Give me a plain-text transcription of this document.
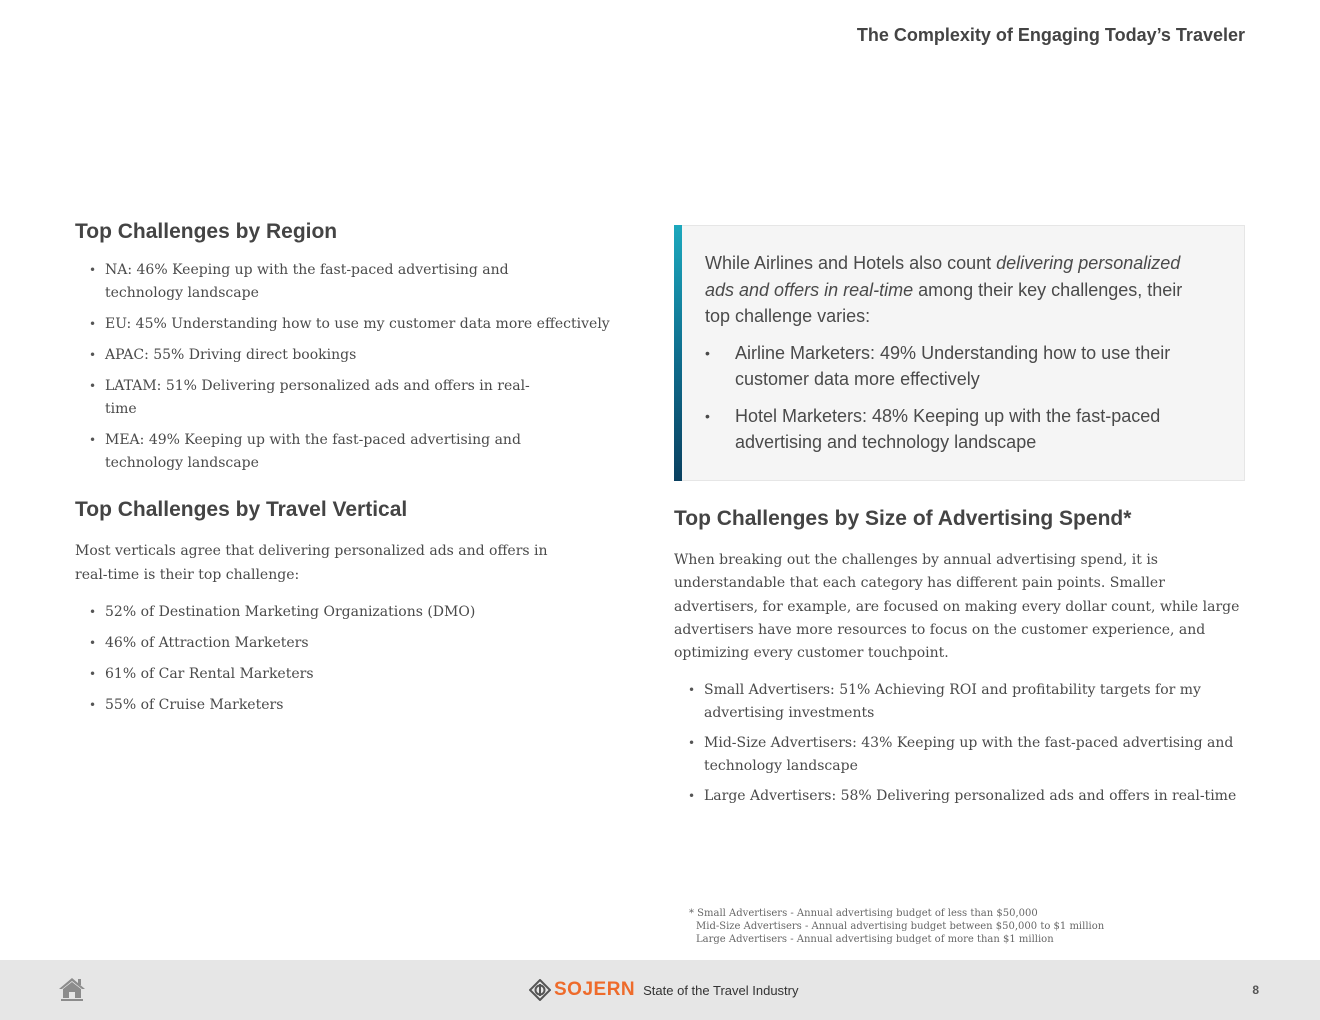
The Complexity of Engaging Today’s Traveler
Top Challenges by Region
• NA: 46% Keeping up with the fast-paced advertising and technology landscape
• EU: 45% Understanding how to use my customer data more effectively
• APAC: 55% Driving direct bookings
• LATAM: 51% Delivering personalized ads and offers in real-time
• MEA: 49% Keeping up with the fast-paced advertising and technology landscape
Top Challenges by Travel Vertical

Most verticals agree that delivering personalized ads and offers in real-time is their top challenge:

• 52% of Destination Marketing Organizations (DMO)
• 46% of Attraction Marketers
• 61% of Car Rental Marketers
• 55% of Cruise Marketers

While Airlines and Hotels also count delivering personalized ads and offers in real-time among their key challenges, their top challenge varies:

• Airline Marketers: 49% Understanding how to use their customer data more effectively
• Hotel Marketers: 48% Keeping up with the fast-paced advertising and technology landscape
Top Challenges by Size of Advertising Spend*

When breaking out the challenges by annual advertising spend, it is understandable that each category has different pain points. Smaller advertisers, for example, are focused on making every dollar count, while large advertisers have more resources to focus on the customer experience, and optimizing every customer touchpoint.

• Small Advertisers: 51% Achieving ROI and profitability targets for my advertising investments
• Mid-Size Advertisers: 43% Keeping up with the fast-paced advertising and technology landscape
• Large Advertisers: 58% Delivering personalized ads and offers in real-time
* Small Advertisers - Annual advertising budget of less than $50,000
Mid-Size Advertisers - Annual advertising budget between $50,000 to $1 million
Large Advertisers - Annual advertising budget of more than $1 million
SOJERN State of the Travel Industry	8
